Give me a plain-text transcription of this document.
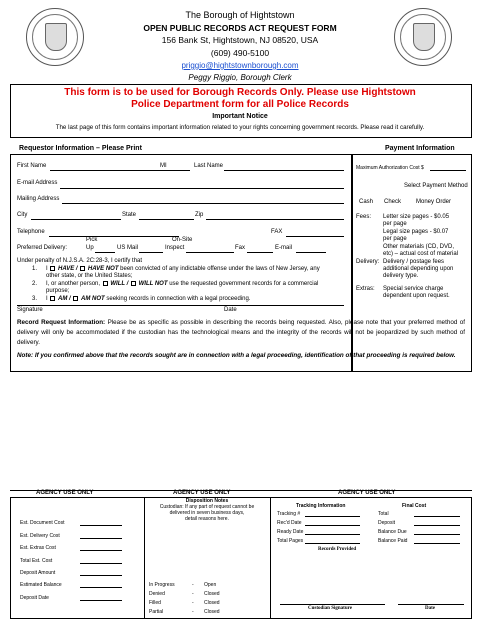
The Borough of Hightstown
OPEN PUBLIC RECORDS ACT REQUEST FORM
156 Bank St, Hightstown, NJ 08520, USA
(609) 490-5100
priggio@hightstownborough.com
Peggy Riggio, Borough Clerk
This form is to be used for Borough Records Only. Please use Hightstown
Police Department form for all Police Records
Important Notice
The last page of this form contains important information related to your rights concerning government records. Please read it carefully.
Requestor Information – Please Print	Payment Information
First Name	MI	Last Name
E-mail Address
Mailing Address
City	State	Zip
Telephone	FAX
Pick	On-Site
Preferred Delivery:	Up	US Mail	Inspect	Fax	E-mail
Under penalty of N.J.S.A. 2C:28-3, I certify that
1. I HAVE / HAVE NOT been convicted of any indictable offense under the laws of New Jersey, any
other state, or the United States;
2. I, or another person, WILL / WILL NOT use the requested government records for a commercial
purpose;
3. I AM / AM NOT seeking records in connection with a legal proceeding.
Signature	Date
Maximum Authorization Cost $
Select Payment Method
Cash Check Money Order
Fees: Letter size pages - $0.05
per page
Legal size pages - $0.07
per page
Other materials (CD, DVD,
etc) – actual cost of material
Delivery: Delivery / postage fees
additional depending upon
delivery type.
Extras: Special service charge
dependent upon request.
Record Request Information: Please be as specific as possible in describing the records being requested. Also, please note that your preferred method of delivery will only be accommodated if the custodian has the technological means and the integrity of the records will not be jeopardized by such method of delivery.
Note: If you confirmed above that the records sought are in connection with a legal proceeding, identification of that proceeding is required below.
AGENCY USE ONLY	AGENCY USE ONLY	AGENCY USE ONLY
Est. Document Cost
Est. Delivery Cost
Est. Extras Cost
Total Est. Cost
Deposit Amount
Estimated Balance
Deposit Date
Disposition Notes
Custodian: If any part of request cannot be
delivered in seven business days,
detail reasons here.
In Progress	- Open
Denied	- Closed
Filled	- Closed
Partial	- Closed
Tracking Information
Tracking #
Rec'd Date
Ready Date
Total Pages
Records Provided
Final Cost
Total
Deposit
Balance Due
Balance Paid
Custodian Signature	Date
